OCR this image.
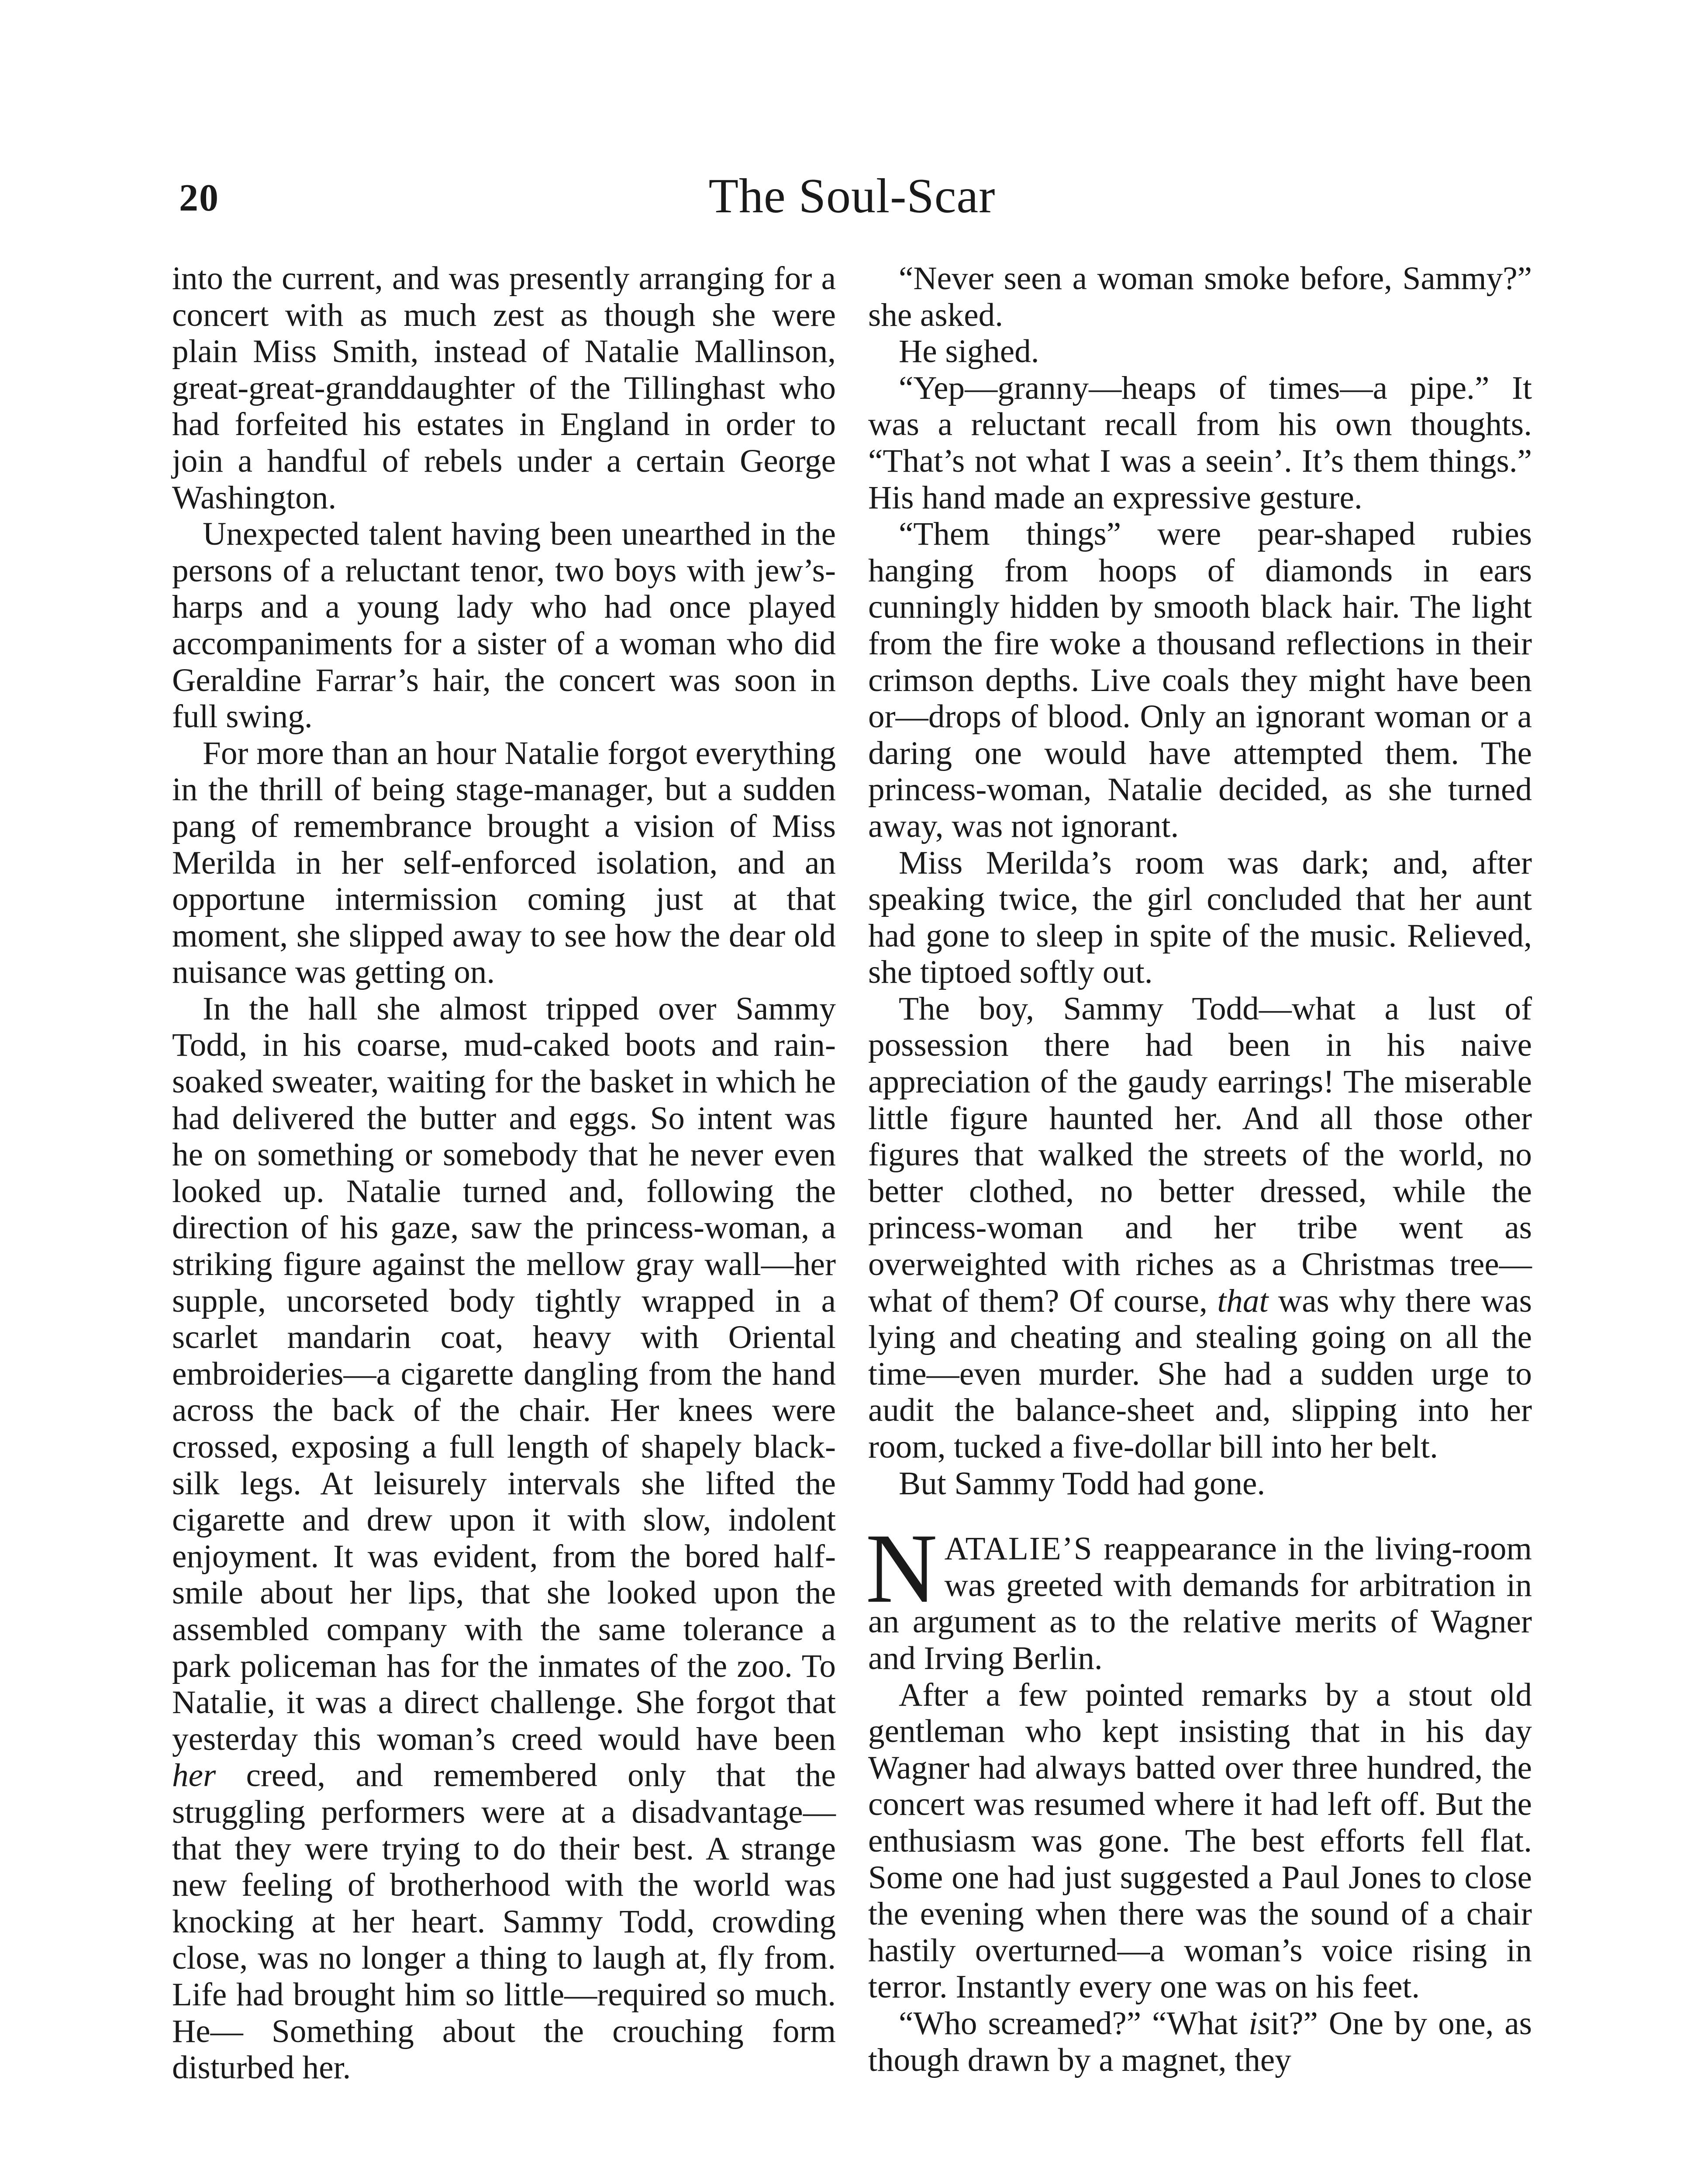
20	The Soul-Scar

into the current, and was presently arranging for a concert with as much zest as though she were plain Miss Smith, instead of Natalie Mallinson, great-great-granddaughter of the Tillinghast who had forfeited his estates in England in order to join a handful of rebels under a certain George Washington.

Unexpected talent having been unearthed in the persons of a reluctant tenor, two boys with jew’s-harps and a young lady who had once played accompaniments for a sister of a woman who did Geraldine Farrar’s hair, the concert was soon in full swing.

For more than an hour Natalie forgot everything in the thrill of being stage-manager, but a sudden pang of remembrance brought a vision of Miss Merilda in her self-enforced isolation, and an opportune intermission coming just at that moment, she slipped away to see how the dear old nuisance was getting on.

In the hall she almost tripped over Sammy Todd, in his coarse, mud-caked boots and rain-soaked sweater, waiting for the basket in which he had delivered the butter and eggs. So intent was he on something or somebody that he never even looked up. Natalie turned and, following the direction of his gaze, saw the princess-woman, a striking figure against the mellow gray wall—her supple, uncorseted body tightly wrapped in a scarlet mandarin coat, heavy with Oriental embroideries—a cigarette dangling from the hand across the back of the chair. Her knees were crossed, exposing a full length of shapely black-silk legs. At leisurely intervals she lifted the cigarette and drew upon it with slow, indolent enjoyment. It was evident, from the bored half-smile about her lips, that she looked upon the assembled company with the same tolerance a park policeman has for the inmates of the zoo. To Natalie, it was a direct challenge. She forgot that yesterday this woman’s creed would have been her creed, and remembered only that the struggling performers were at a disadvantage—that they were trying to do their best. A strange new feeling of brotherhood with the world was knocking at her heart. Sammy Todd, crowding close, was no longer a thing to laugh at, fly from. Life had brought him so little—required so much. He— Something about the crouching form disturbed her.

“Never seen a woman smoke before, Sammy?” she asked.

He sighed.

“Yep—granny—heaps of times—a pipe.” It was a reluctant recall from his own thoughts. “That’s not what I was a seein’. It’s them things.” His hand made an expressive gesture.

“Them things” were pear-shaped rubies hanging from hoops of diamonds in ears cunningly hidden by smooth black hair. The light from the fire woke a thousand reflections in their crimson depths. Live coals they might have been or—drops of blood. Only an ignorant woman or a daring one would have attempted them. The princess-woman, Natalie decided, as she turned away, was not ignorant.

Miss Merilda’s room was dark; and, after speaking twice, the girl concluded that her aunt had gone to sleep in spite of the music. Relieved, she tiptoed softly out.

The boy, Sammy Todd—what a lust of possession there had been in his naive appreciation of the gaudy earrings! The miserable little figure haunted her. And all those other figures that walked the streets of the world, no better clothed, no better dressed, while the princess-woman and her tribe went as overweighted with riches as a Christmas tree—what of them? Of course, that was why there was lying and cheating and stealing going on all the time—even murder. She had a sudden urge to audit the balance-sheet and, slipping into her room, tucked a five-dollar bill into her belt.

But Sammy Todd had gone.

NATALIE’S reappearance in the living-room was greeted with demands for arbitration in an argument as to the relative merits of Wagner and Irving Berlin.

After a few pointed remarks by a stout old gentleman who kept insisting that in his day Wagner had always batted over three hundred, the concert was resumed where it had left off. But the enthusiasm was gone. The best efforts fell flat. Some one had just suggested a Paul Jones to close the evening when there was the sound of a chair hastily overturned—a woman’s voice rising in terror. Instantly every one was on his feet.

“Who screamed?” “What isit?” One by one, as though drawn by a magnet, they
